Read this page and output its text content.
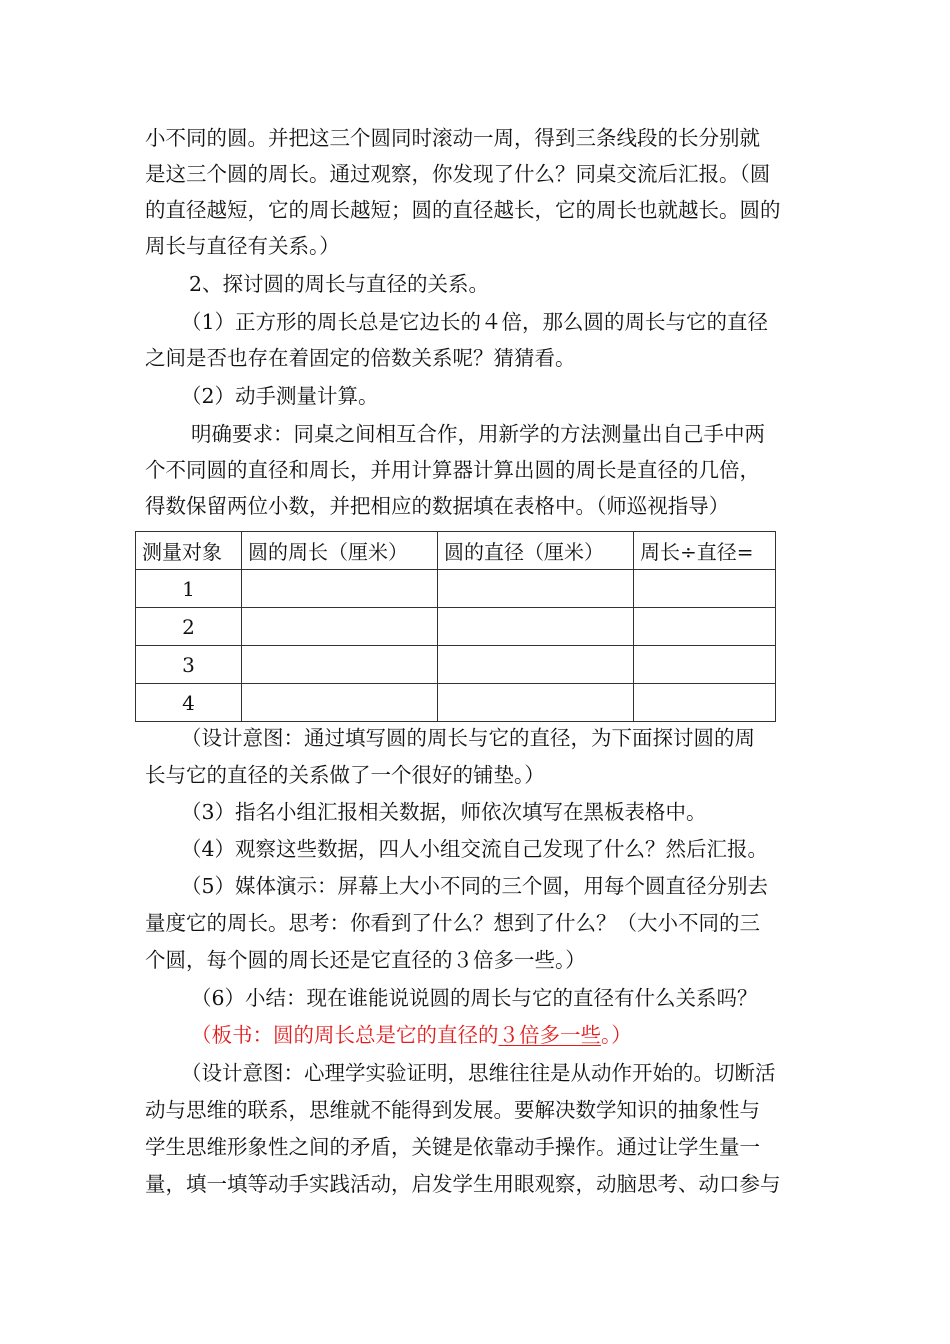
小不同的圆。并把这三个圆同时滚动一周，得到三条线段的长分别就
是这三个圆的周长。通过观察，你发现了什么？同桌交流后汇报。（圆
的直径越短，它的周长越短；圆的直径越长，它的周长也就越长。圆的
周长与直径有关系。）
2、探讨圆的周长与直径的关系。
（1）正方形的周长总是它边长的４倍，那么圆的周长与它的直径
之间是否也存在着固定的倍数关系呢？猜猜看。
（2）动手测量计算。
明确要求：同桌之间相互合作，用新学的方法测量出自己手中两
个不同圆的直径和周长，并用计算器计算出圆的周长是直径的几倍，
得数保留两位小数，并把相应的数据填在表格中。（师巡视指导）
测量对象	圆的周长（厘米）	圆的直径（厘米）	周长÷直径=
1			
2			
3			
4			
（设计意图：通过填写圆的周长与它的直径，为下面探讨圆的周
长与它的直径的关系做了一个很好的铺垫。）
（3）指名小组汇报相关数据，师依次填写在黑板表格中。
（4）观察这些数据，四人小组交流自己发现了什么？然后汇报。
（5）媒体演示：屏幕上大小不同的三个圆，用每个圆直径分别去
量度它的周长。思考：你看到了什么？想到了什么？（大小不同的三
个圆，每个圆的周长还是它直径的３倍多一些。）
（6）小结：现在谁能说说圆的周长与它的直径有什么关系吗？
（板书：圆的周长总是它的直径的３倍多一些。）
（设计意图：心理学实验证明，思维往往是从动作开始的。切断活
动与思维的联系，思维就不能得到发展。要解决数学知识的抽象性与
学生思维形象性之间的矛盾，关键是依靠动手操作。通过让学生量一
量，填一填等动手实践活动，启发学生用眼观察，动脑思考、动口参与
